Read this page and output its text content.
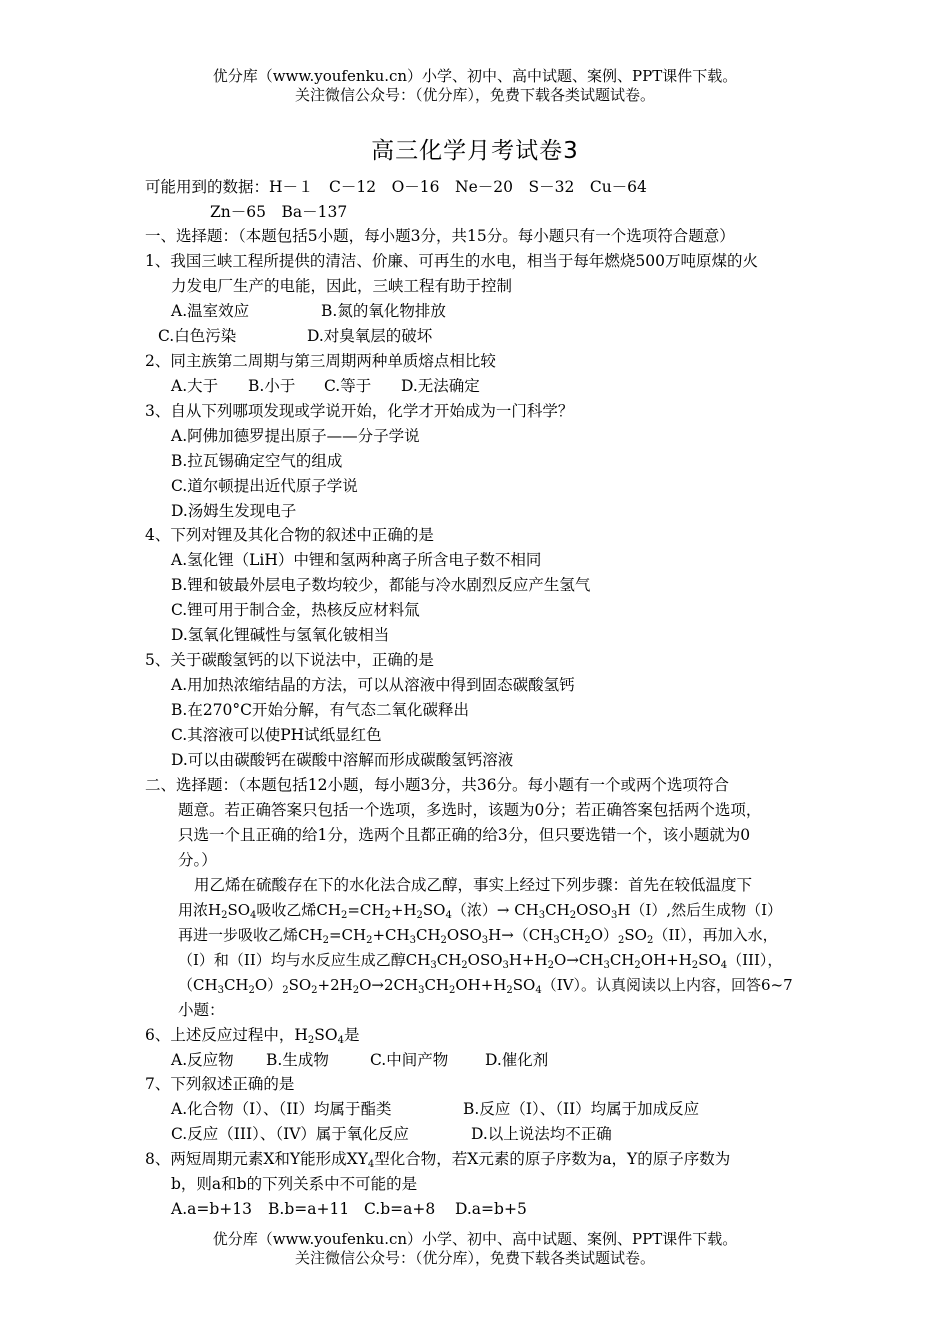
优分库（www.youfenku.cn）小学、初中、高中试题、案例、PPT课件下载。
关注微信公众号：（优分库），免费下载各类试题试卷。
高三化学月考试卷3
可能用到的数据：H－１　C－12　O－16　Ne－20　S－32　Cu－64
Zn－65　Ba－137
一、选择题：（本题包括5小题，每小题3分，共15分。每小题只有一个选项符合题意）
1、我国三峡工程所提供的清洁、价廉、可再生的水电，相当于每年燃烧500万吨原煤的火
力发电厂生产的电能，因此，三峡工程有助于控制
A.温室效应	B.氮的氧化物排放
C.白色污染	D.对臭氧层的破坏
2、同主族第二周期与第三周期两种单质熔点相比较
A.大于 B.小于 C.等于 D.无法确定
3、自从下列哪项发现或学说开始，化学才开始成为一门科学？
A.阿佛加德罗提出原子——分子学说
B.拉瓦锡确定空气的组成
C.道尔顿提出近代原子学说
D.汤姆生发现电子
4、下列对锂及其化合物的叙述中正确的是
A.氢化锂（LiH）中锂和氢两种离子所含电子数不相同
B.锂和铍最外层电子数均较少，都能与冷水剧烈反应产生氢气
C.锂可用于制合金，热核反应材料氚
D.氢氧化锂碱性与氢氧化铍相当
5、关于碳酸氢钙的以下说法中，正确的是
A.用加热浓缩结晶的方法，可以从溶液中得到固态碳酸氢钙
B.在270°C开始分解，有气态二氧化碳释出
C.其溶液可以使PH试纸显红色
D.可以由碳酸钙在碳酸中溶解而形成碳酸氢钙溶液
二、选择题：（本题包括12小题，每小题3分，共36分。每小题有一个或两个选项符合
题意。若正确答案只包括一个选项，多选时，该题为0分；若正确答案包括两个选项，
只选一个且正确的给1分，选两个且都正确的给3分，但只要选错一个，该小题就为0
分。）
用乙烯在硫酸存在下的水化法合成乙醇，事实上经过下列步骤：首先在较低温度下
用浓$H_2SO_4$吸收乙烯$CH_2=CH_2+H_2SO_4$（浓）→ $CH_3CH_2OSO_3H(I)$,然后生成物（I）
再进一步吸收乙烯$CH_2=CH_2+CH_3CH_2OSO_3H\to(CH_3CH_2O)_2SO_2(II)$，再加入水，
（I）和（II）均与水反应生成乙醇$CH_3CH_2OSO_3H+H_2O\to CH_3CH_2OH+H_2SO_4(III)$，
$(CH_3CH_2O)_2SO_2+2H_2O\to 2CH_3CH_2OH+H_2SO_4(IV)$。认真阅读以上内容，回答6~7
小题：
6、上述反应过程中，H2SO4是
A.反应物 B.生成物	C.中间产物 D.催化剂
7、下列叙述正确的是
A.化合物（I）、（II）均属于酯类	B.反应（I）、（II）均属于加成反应
C.反应（III）、（IV）属于氧化反应	D.以上说法均不正确
8、两短周期元素X和Y能形成XY4型化合物，若X元素的原子序数为a，Y的原子序数为
b，则a和b的下列关系中不可能的是
A.a=b+13 B.b=a+11 C.b=a+8 D.a=b+5
优分库（www.youfenku.cn）小学、初中、高中试题、案例、PPT课件下载。
关注微信公众号：（优分库），免费下载各类试题试卷。
